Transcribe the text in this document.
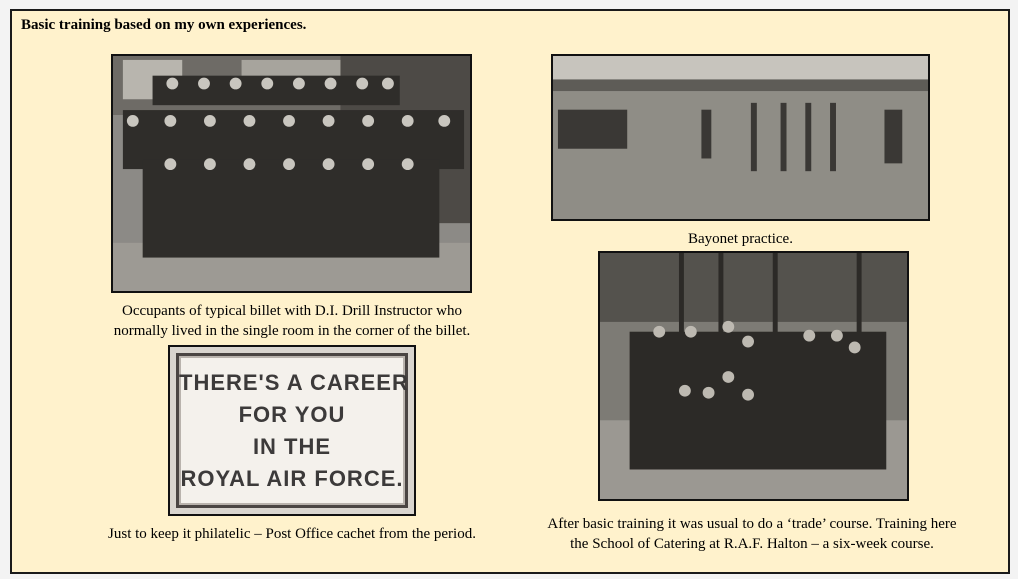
Basic training based on my own experiences.
Occupants of typical billet with D.I. Drill Instructor who
normally lived in the single room in the corner of the billet.
Bayonet practice.
THERE'S A CAREER
FOR YOU
IN THE
ROYAL AIR FORCE.
Just to keep it philatelic – Post Office cachet from the period.
After basic training it was usual to do a ‘trade’ course. Training here
the School of Catering at R.A.F. Halton – a six-week course.
